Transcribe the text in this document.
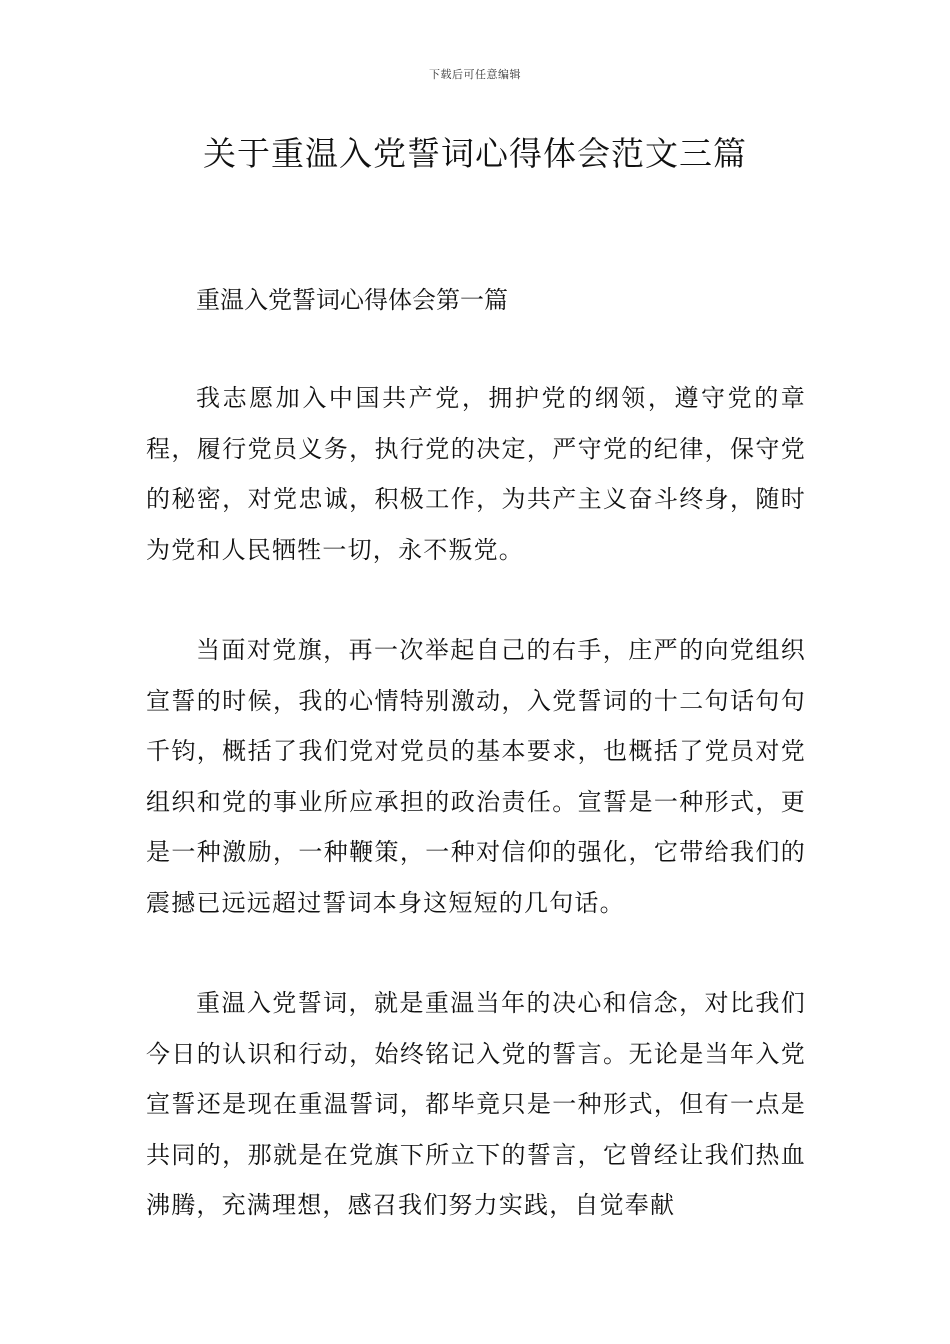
下载后可任意编辑
关于重温入党誓词心得体会范文三篇

重温入党誓词心得体会第一篇

我志愿加入中国共产党，拥护党的纲领，遵守党的章程，履行党员义务，执行党的决定，严守党的纪律，保守党的秘密，对党忠诚，积极工作，为共产主义奋斗终身，随时为党和人民牺牲一切，永不叛党。

当面对党旗，再一次举起自己的右手，庄严的向党组织宣誓的时候，我的心情特别激动，入党誓词的十二句话句句千钧，概括了我们党对党员的基本要求，也概括了党员对党组织和党的事业所应承担的政治责任。宣誓是一种形式，更是一种激励，一种鞭策，一种对信仰的强化，它带给我们的震撼已远远超过誓词本身这短短的几句话。

重温入党誓词，就是重温当年的决心和信念，对比我们今日的认识和行动，始终铭记入党的誓言。无论是当年入党宣誓还是现在重温誓词，都毕竟只是一种形式，但有一点是共同的，那就是在党旗下所立下的誓言，它曾经让我们热血沸腾，充满理想，感召我们努力实践，自觉奉献
